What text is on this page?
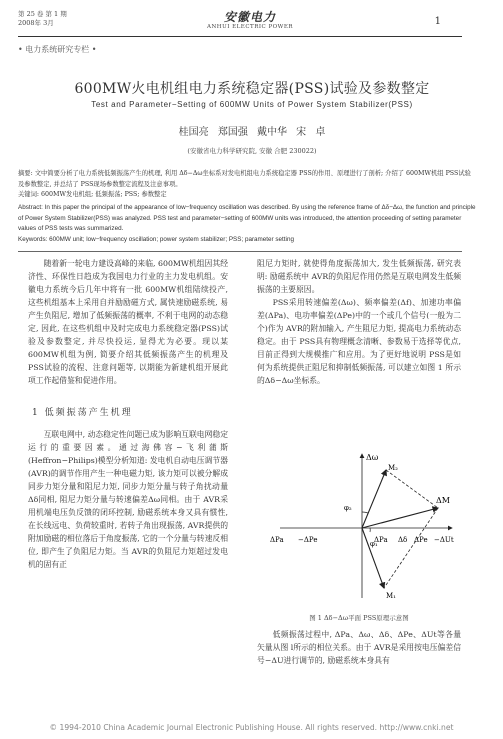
第 25 卷 第 1 期
2008年 3月	安徽电力
ANHUI ELECTRIC POWER	1
• 电力系统研究专栏 •
600MW火电机组电力系统稳定器(PSS)试验及参数整定
Test and Parameter−Setting of 600MW Units of Power System Stabilizer(PSS)
桂国亮 郑国强 戴中华 宋 卓
(安徽省电力科学研究院, 安徽 合肥 230022)
摘要: 文中简要分析了电力系统低频振荡产生的机理, 利用 Δδ−Δω坐标系对发电机组电力系统稳定器 PSS的作用、原理进行了剖析; 介绍了 600MW机组 PSS试验及参数整定, 并总结了 PSS现场参数整定流程及注意事项。
关键词: 600MW发电机组; 低频振荡; PSS; 参数整定
Abstract: In this paper the principal of the appearance of low−frequency oscillation was described. By using the reference frame of Δδ−Δω, the function and principle of Power System Stabilizer(PSS) was analyzed. PSS test and parameter−setting of 600MW units was introduced, the attention proceeding of setting parameter values of PSS tests was summarized.
Keywords: 600MW unit; low−frequency oscillation; power system stabilizer; PSS; parameter setting
随着新一轮电力建设高峰的来临, 600MW机组因其经济性、环保性日趋成为我国电力行业的主力发电机组。安徽电力系统今后几年中将有一批 600MW机组陆续投产, 这些机组基本上采用自并励励磁方式, 属快速励磁系统, 易产生负阻尼, 增加了低频振荡的概率, 不利于电网的动态稳定, 因此, 在这些机组中及时完成电力系统稳定器(PSS)试验及参数整定, 并尽快投运, 显得尤为必要。现以某 600MW机组为例, 简要介绍其低频振荡产生的机理及 PSS试验的流程、注意问题等, 以期能为新建机组开展此项工作起借鉴和促进作用。
1 低频振荡产生机理
互联电网中, 动态稳定性问题已成为影响互联电网稳定运行的重要因素。通过海佛容−飞利蒲斯(Heffron−Philips)模型分析知道: 发电机自动电压调节器(AVR)的调节作用产生一种电磁力矩, 该力矩可以被分解成同步力矩分量和阻尼力矩, 同步力矩分量与转子角扰动量Δδ同相, 阻尼力矩分量与转速偏差Δω同相。由于 AVR采用机端电压负反馈的闭环控制, 励磁系统本身又具有惯性, 在长线远电、负荷较重时, 若转子角出现振荡, AVR提供的附加励磁的相位落后于角度振荡, 它的一个分量与转速反相位, 即产生了负阻尼力矩。当 AVR的负阻尼力矩超过发电机的固有正
阻尼力矩时, 就使得角度振荡加大, 发生低频振荡, 研究表明: 励磁系统中 AVR的负阻尼作用仍然是互联电网发生低频振荡的主要原因。
PSS采用转速偏差(Δω)、频率偏差(Δf)、加速功率偏差(ΔPa)、电功率偏差(ΔPe)中的一个或几个信号(一般为二个)作为 AVR的附加输入, 产生阻尼力矩, 提高电力系统动态稳定。由于 PSS具有物理概念清晰、参数易于选择等优点, 目前正得到大规模推广和应用。为了更好地说明 PSS是如何为系统提供正阻尼和抑制低频振荡, 可以建立如图 1 所示的Δδ−Δω坐标系。
Δω
M₂
φ₂
ΔM
φ₁
ΔPa −ΔPe	ΔPa Δδ ΔPe −ΔUt
M₁
图 1 Δδ−Δω平面 PSS原理示意图
低频振荡过程中, ΔPa、Δω、Δδ、ΔPe、ΔUt等各量矢量从图 l所示的相位关系。由于 AVR是采用按电压偏差信号−ΔU进行调节的, 励磁系统本身具有
© 1994-2010 China Academic Journal Electronic Publishing House. All rights reserved. http://www.cnki.net
